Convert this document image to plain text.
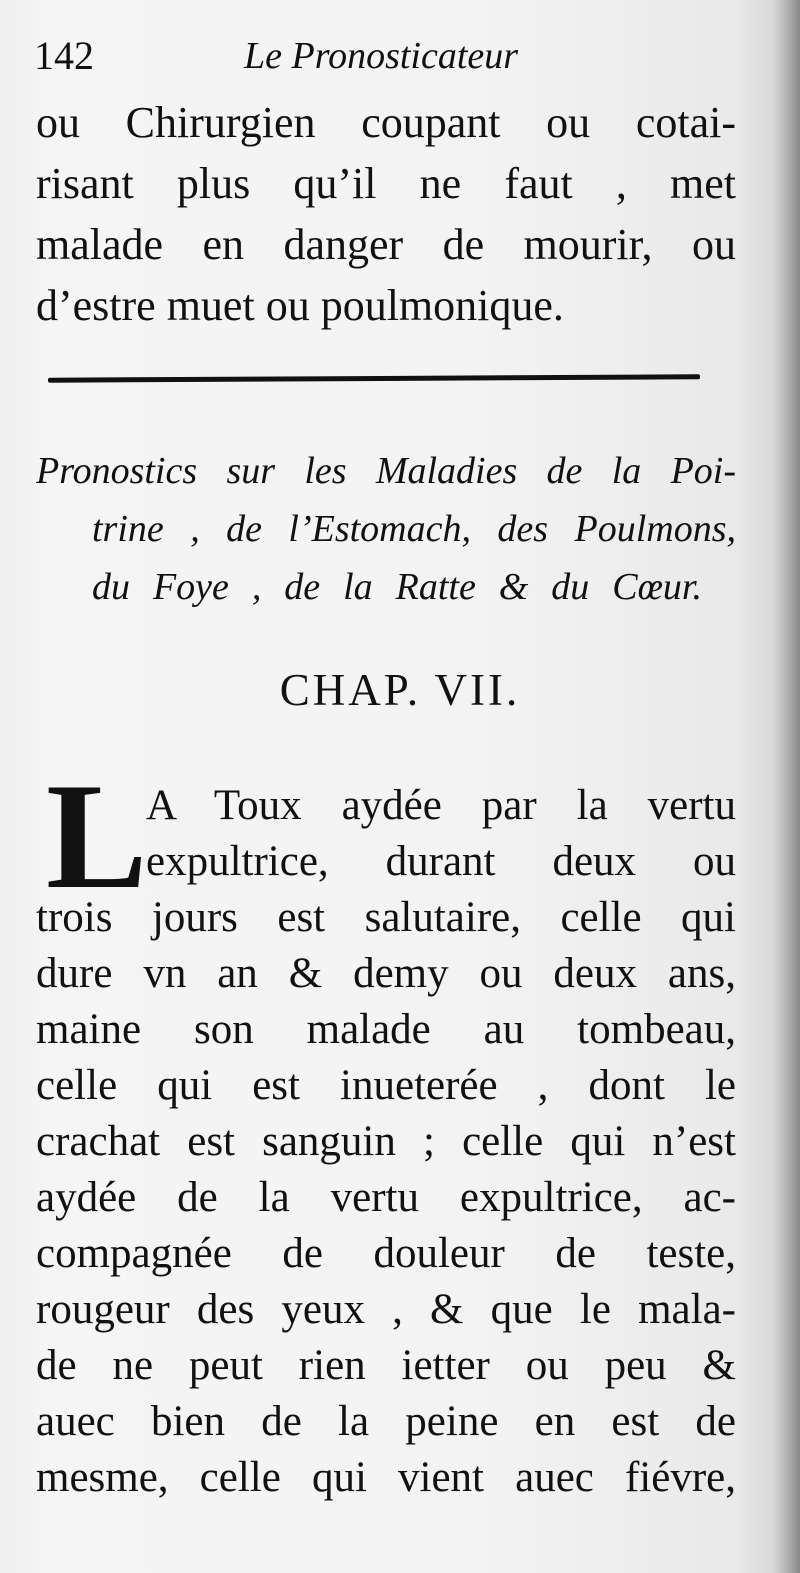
142	Le Pronosticateur
ou Chirurgien coupant ou cotai-
risant plus qu’il ne faut , met
malade en danger de mourir, ou
d’estre muet ou poulmonique.
Pronostics sur les Maladies de la Poi-
trine , de l’Estomach, des Poulmons,
du Foye , de la Ratte & du Cœur.
CHAP. VII.
L
A Toux aydée par la vertu
expultrice, durant deux ou
trois jours est salutaire, celle qui
dure vn an & demy ou deux ans,
maine son malade au tombeau,
celle qui est inueterée , dont le
crachat est sanguin ; celle qui n’est
aydée de la vertu expultrice, ac-
compagnée de douleur de teste,
rougeur des yeux , & que le mala-
de ne peut rien ietter ou peu &
auec bien de la peine en est de
mesme, celle qui vient auec fiévre,
